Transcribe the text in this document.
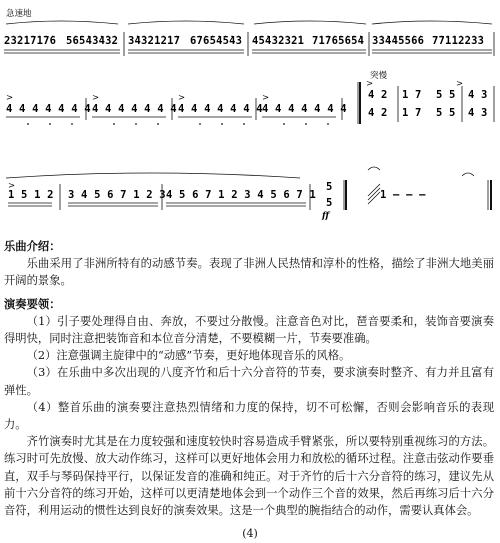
急速地
2̇3̇2̇1̇7̇1̇7̇6 5̇6̇5̇4̇3̇4̇3̇2 3̇4̇3̇2̇1̇2̇1̇7 6̇7̇6̇5̇4̇5̇4̇3 4̇5̇4̇3̇2̇3̇2̇1 7̇1̇7̇6̇5̇6̇5̇4 3̇3̇4̇4̇5̇5̇6̇6 7̇7̇1̇1̇2̇2̇3̇3
突慢
>	>	>	>
>	>
4 4 4 4 4 4 4 4 4 4 4 4 4 4 4 4 4 4 4 4 4 4 4 4 4 4 4 4
4 2 1 7 5 5 4 3
4 2 1 7 5 5 4 3
>
1 5 1 2 3 4 5 6 7 1 2 3 4 5 6 7 1 2 3 4 5 6 7 1
5
5
ff
1 — — —

乐曲介绍：

乐曲采用了非洲所特有的动感节奏。表现了非洲人民热情和淳朴的性格，描绘了非洲大地美丽开阔的景象。

演奏要领：

（1）引子要处理得自由、奔放，不要过分散慢。注意音色对比，琶音要柔和，装饰音要演奏得明快，同时注意把装饰音和本位音分清楚，不要模糊一片，节奏要准确。

（2）注意强调主旋律中的“动感”节奏，更好地体现音乐的风格。

（3）在乐曲中多次出现的八度齐竹和后十六分音符的节奏，要求演奏时整齐、有力并且富有弹性。

（4）整首乐曲的演奏要注意热烈情绪和力度的保持，切不可松懈，否则会影响音乐的表现力。

齐竹演奏时尤其是在力度较强和速度较快时容易造成手臂紧张，所以要特别重视练习的方法。练习时可先放慢、放大动作练习，这样可以更好地体会用力和放松的循环过程。注意击弦动作要垂直，双手与琴码保持平行，以保证发音的准确和纯正。对于齐竹的后十六分音符的练习，建议先从前十六分音符的练习开始，这样可以更清楚地体会到一个动作三个音的效果，然后再练习后十六分音符，利用运动的惯性达到良好的演奏效果。这是一个典型的腕指结合的动作，需要认真体会。

(4)
